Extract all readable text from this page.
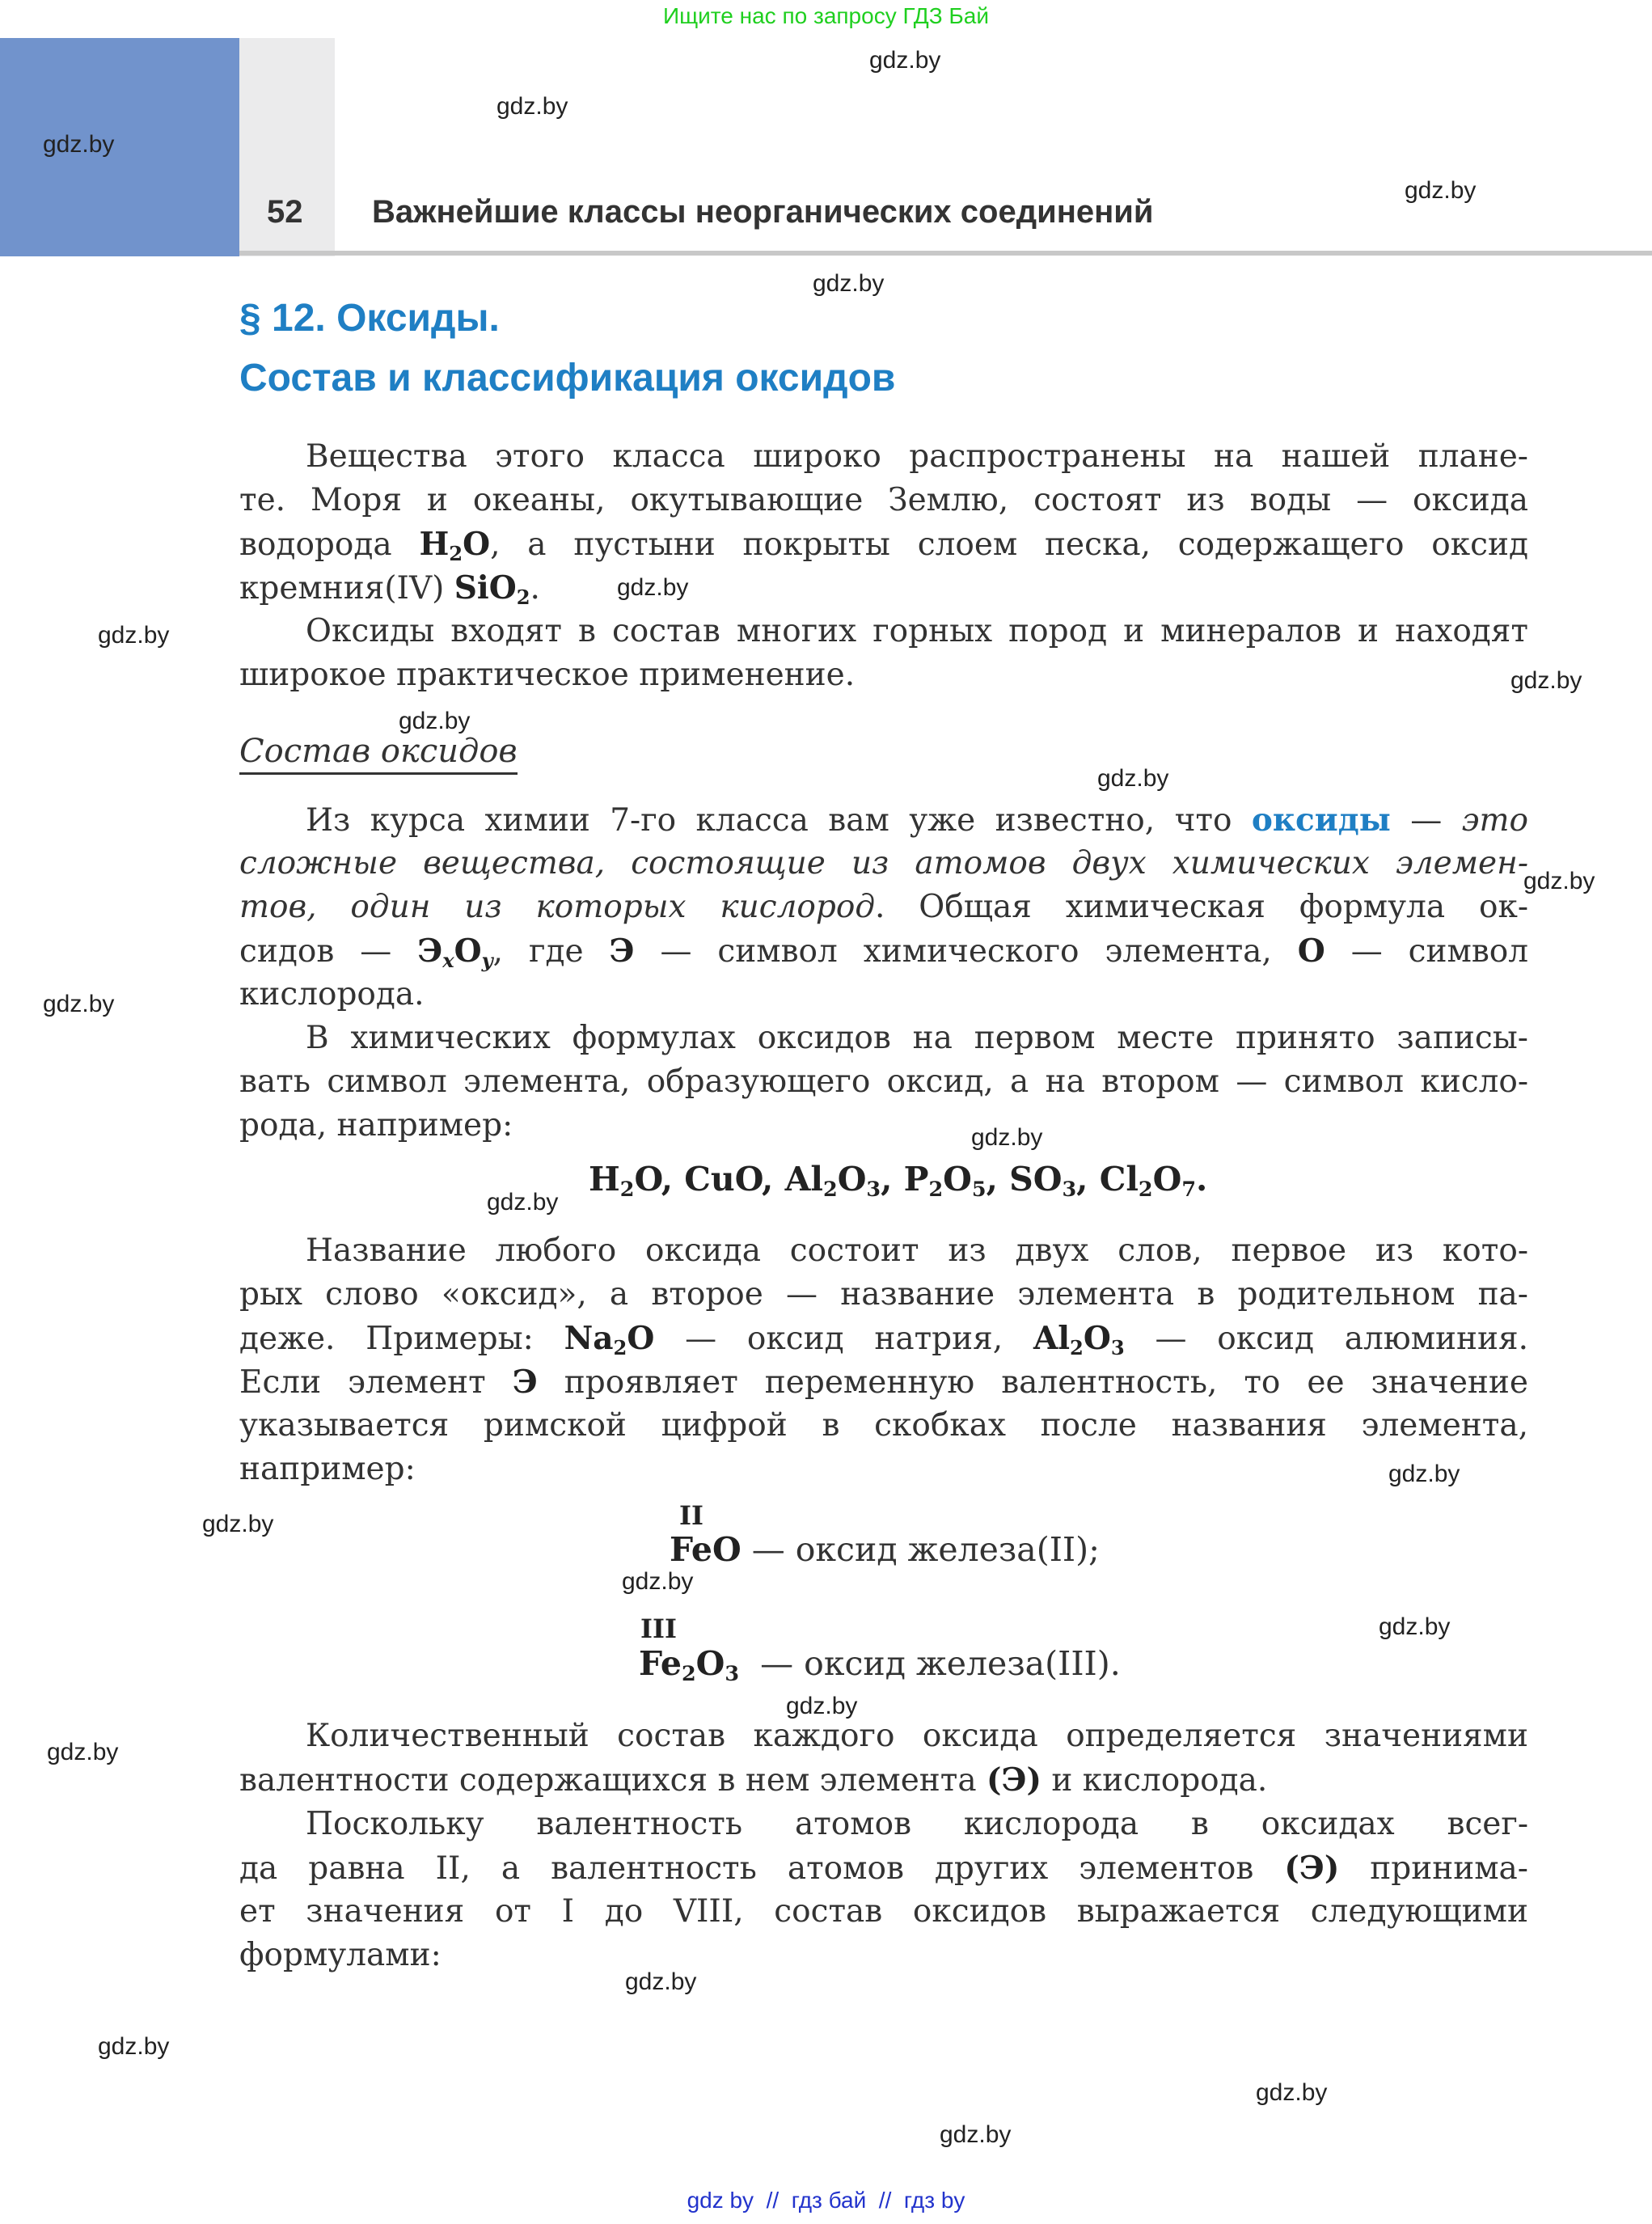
Ищите нас по запросу ГДЗ Бай
52 Важнейшие классы неорганических соединений
gdz.by
gdz.by
gdz.by
gdz.by
gdz.by
gdz.by
gdz.by
gdz.by
gdz.by
gdz.by
gdz.by
gdz.by
gdz.by
gdz.by
gdz.by
gdz.by
gdz.by
gdz.by
gdz.by
gdz.by
gdz.by
gdz.by
gdz.by
gdz.by
§ 12. Оксиды.
Состав и классификация оксидов
Вещества этого класса широко распространены на нашей плане-
те. Моря и океаны, окутывающие Землю, состоят из воды — оксида
водорода $H_2O$, а пустыни покрыты слоем песка, содержащего оксид
кремния(IV) SiO$_2$.
Оксиды входят в состав многих горных пород и минералов и находят
широкое практическое применение.
Состав оксидов
Из курса химии 7-го класса вам уже известно, что оксиды — это
сложные вещества, состоящие из атомов двух химических элемен-
тов, один из которых кислород. Общая химическая формула ок-
сидов — $Э_xO_y$, где Э — символ химического элемента, O — символ
кислорода.
В химических формулах оксидов на первом месте принято записы-
вать символ элемента, образующего оксид, а на втором — символ кисло-
рода, например:
$H_2O$, CuO, $Al_2O_3$, $P_2O_5$, $SO_3$, $Cl_2O_7$.
Название любого оксида состоит из двух слов, первое из кото-
рых слово «оксид», а второе — название элемента в родительном па-
деже. Примеры: $Na_2O$ — оксид натрия, $Al_2O_3$ — оксид алюминия.
Если элемент Э проявляет переменную валентность, то ее значение
указывается римской цифрой в скобках после названия элемента,
например:
II
FeO — оксид железа(II);
III
$Fe_2O_3$ — оксид железа(III).
Количественный состав каждого оксида определяется значениями
валентности содержащихся в нем элемента (Э) и кислорода.
Поскольку валентность атомов кислорода в оксидах всег-
да равна II, а валентность атомов других элементов (Э) принима-
ет значения от I до VIII, состав оксидов выражается следующими
формулами:
gdz by  //  гдз бай  //  гдз by
